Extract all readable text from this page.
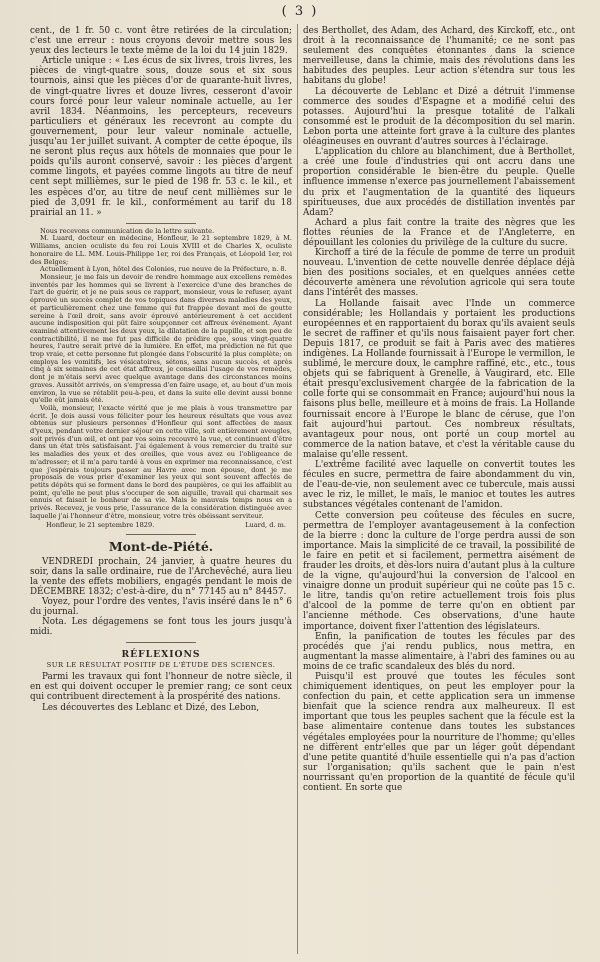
( 3 )

cent., de 1 fr. 50 c. vont être retirées de la circulation; c'est une erreur : nous croyons devoir mettre sous les yeux des lecteurs le texte même de la loi du 14 juin 1829.

Article unique : « Les écus de six livres, trois livres, les pièces de vingt-quatre sous, douze sous et six sous tournois, ainsi que les pièces d'or de quarante-huit livres, de vingt-quatre livres et douze livres, cesseront d'avoir cours forcé pour leur valeur nominale actuelle, au 1er avril 1834. Néanmoins, les percepteurs, receveurs particuliers et généraux les recevront au compte du gouvernement, pour leur valeur nominale actuelle, jusqu'au 1er juillet suivant. A compter de cette époque, ils ne seront plus reçus aux hôtels de monnaies que pour le poids qu'ils auront conservé, savoir : les pièces d'argent comme lingots, et payées comme lingots au titre de neuf cent sept millièmes, sur le pied de 198 fr. 53 c. le kil., et les espèces d'or, au titre de neuf cent millièmes sur le pied de 3,091 fr. le kil., conformément au tarif du 18 prairial an 11. »

Nous recevons communication de la lettre suivante.

M. Luard, docteur en médecine, Honfleur, le 21 septembre 1829, à M. Williams, ancien oculiste du feu roi Louis XVIII et de Charles X, oculiste honoraire de LL. MM. Louis-Philippe 1er, roi des Français, et Léopold 1er, roi des Belges;

Actuellement à Lyon, hôtel des Colonies, rue neuve de la Préfecture, n. 8.

Monsieur, je me fais un devoir de rendre hommage aux excellens remèdes inventés par les hommes qui se livrent à l'exercice d'une des branches de l'art de guérir, et je ne puis sous ce rapport, monsieur, vous le refuser, ayant éprouvé un succès complet de vos topiques dans diverses maladies des yeux, et particulièrement chez une femme qui fut frappée devant moi de goutte sereine à l'œil droit, sans avoir éprouvé antérieurement à cet accident aucune indisposition qui pût faire soupçonner cet affreux événement. Ayant examiné attentivement les deux yeux, la dilatation de la pupille, et son peu de contractibilité, il ne me fut pas difficile de prédire que, sous vingt-quatre heures, l'autre serait privé de la lumière. En effet, ma prédiction ne fut que trop vraie, et cette personne fut plongée dans l'obscurité la plus complète; on employa les vomitifs, les vésicatoires, sétons, sans aucun succès, et après cinq à six semaines de cet état affreux, je conseillai l'usage de vos remèdes, dont je m'étais servi avec quelque avantage dans des circonstances moins graves. Aussitôt arrivés, on s'empressa d'en faire usage, et, au bout d'un mois environ, la vue se rétablit peu-à-peu, et dans la suite elle devint aussi bonne qu'elle eût jamais été.

Voilà, monsieur, l'exacte vérité que je me plais à vous transmettre par écrit. Je dois aussi vous féliciter pour les heureux résultats que vous avez obtenus sur plusieurs personnes d'Honfleur qui sont affectées de maux d'yeux, pendant votre dernier séjour en cette ville, soit entièrement aveugles, soit privés d'un œil, et ont par vos soins recouvré la vue, et continuent d'être dans un état très satisfaisant. J'ai également à vous remercier du traité sur les maladies des yeux et des oreilles, que vous avez eu l'obligeance de m'adresser; et il m'a paru tardé à vous en exprimer ma reconnaissance, c'est que j'espérais toujours passer au Havre avec mon épouse, dont je me proposais de vous prier d'examiner les yeux qui sont souvent affectés de petits dépôts qui se forment dans le bord des paupières, ce qui les affaiblit au point, qu'elle ne peut plus s'occuper de son aiguille, travail qui charmait ses ennuis et faisait le bonheur de sa vie. Mais le mauvais temps nous en a privés. Recevez, je vous prie, l'assurance de la considération distinguée avec laquelle j'ai l'honneur d'être, monsieur, votre très obéissant serviteur.

Honfleur, le 21 septembre 1829.	Luard, d. m.
Mont-de-Piété.

VENDREDI prochain, 24 janvier, à quatre heures du soir, dans la salle ordinaire, rue de l'Archevêché, aura lieu la vente des effets mobiliers, engagés pendant le mois de DÉCEMBRE 1832; c'est-à-dire, du n° 77145 au n° 84457.

Voyez, pour l'ordre des ventes, l'avis inséré dans le n° 6 du journal.

Nota. Les dégagemens se font tous les jours jusqu'à midi.

RÉFLEXIONS
SUR LE RÉSULTAT POSITIF DE L'ÉTUDE DES SCIENCES.

Parmi les travaux qui font l'honneur de notre siècle, il en est qui doivent occuper le premier rang; ce sont ceux qui contribuent directement à la prospérité des nations.

Les découvertes des Leblanc et Dizé, des Lebon,

des Berthollet, des Adam, des Achard, des Kirckoff, etc., ont droit à la reconnaissance de l'humanité; ce ne sont pas seulement des conquêtes étonnantes dans la science merveilleuse, dans la chimie, mais des révolutions dans les habitudes des peuples. Leur action s'étendra sur tous les habitans du globe!

La découverte de Leblanc et Dizé a détruit l'immense commerce des soudes d'Espagne et a modifié celui des potasses. Aujourd'hui la presque totalité de l'alkali consommé est le produit de la décomposition du sel marin. Lebon porta une atteinte fort grave à la culture des plantes oléagineuses en ouvrant d'autres sources à l'éclairage.

L'application du chlore au blanchiment, due à Berthollet, a créé une foule d'industries qui ont accru dans une proportion considérable le bien-être du peuple. Quelle influence immense n'exerce pas journellement l'abaissement du prix et l'augmentation de la quantité des liqueurs spiritueuses, due aux procédés de distillation inventés par Adam?

Achard a plus fait contre la traite des nègres que les flottes réunies de la France et de l'Angleterre, en dépouillant les colonies du privilège de la culture du sucre.

Kirchoff a tiré de la fécule de pomme de terre un produit nouveau. L'invention de cette nouvelle denrée déplace déjà bien des positions sociales, et en quelques années cette découverte amènera une révolution agricole qui sera toute dans l'intérêt des masses.

La Hollande faisait avec l'Inde un commerce considérable; les Hollandais y portaient les productions européennes et en rapportaient du borax qu'ils avaient seuls le secret de raffiner et qu'ils nous faisaient payer fort cher. Depuis 1817, ce produit se fait à Paris avec des matières indigènes. La Hollande fournissait à l'Europe le vermillon, le sublimé, le mercure doux, le camphre raffiné, etc., etc., tous objets qui se fabriquent à Grenelle, à Vaugirard, etc. Elle était presqu'exclusivement chargée de la fabrication de la colle forte qui se consommait en France; aujourd'hui nous la faisons plus belle, meilleure et à moins de frais. La Hollande fournissait encore à l'Europe le blanc de céruse, que l'on fait aujourd'hui partout. Ces nombreux résultats, avantageux pour nous, ont porté un coup mortel au commerce de la nation batave, et c'est la véritable cause du malaise qu'elle ressent.

L'extrême facilité avec laquelle on convertit toutes les fécules en sucre, permettra de faire abondamment du vin, de l'eau-de-vie, non seulement avec ce tubercule, mais aussi avec le riz, le millet, le maïs, le manioc et toutes les autres substances végétales contenant de l'amidon.

Cette conversion peu coûteuse des fécules en sucre, permettra de l'employer avantageusement à la confection de la bierre : donc la culture de l'orge perdra aussi de son importance. Mais la simplicité de ce travail, la possibilité de le faire en petit et si facilement, permettra aisément de frauder les droits, et dès-lors nuira d'autant plus à la culture de la vigne, qu'aujourd'hui la conversion de l'alcool en vinaigre donne un produit supérieur qui ne coûte pas 15 c. le litre, tandis qu'on retire actuellement trois fois plus d'alcool de la pomme de terre qu'on en obtient par l'ancienne méthode. Ces observations, d'une haute importance, doivent fixer l'attention des législateurs.

Enfin, la panification de toutes les fécules par des procédés que j'ai rendu publics, nous mettra, en augmentant la masse alimentaire, à l'abri des famines ou au moins de ce trafic scandaleux des blés du nord.

Puisqu'il est prouvé que toutes les fécules sont chimiquement identiques, on peut les employer pour la confection du pain, et cette application sera un immense bienfait que la science rendra aux malheureux. Il est important que tous les peuples sachent que la fécule est la base alimentaire contenue dans toutes les substances végétales employées pour la nourriture de l'homme; qu'elles ne diffèrent entr'elles que par un léger goût dépendant d'une petite quantité d'huile essentielle qui n'a pas d'action sur l'organisation; qu'ils sachent que le pain n'est nourrissant qu'en proportion de la quantité de fécule qu'il contient. En sorte que
